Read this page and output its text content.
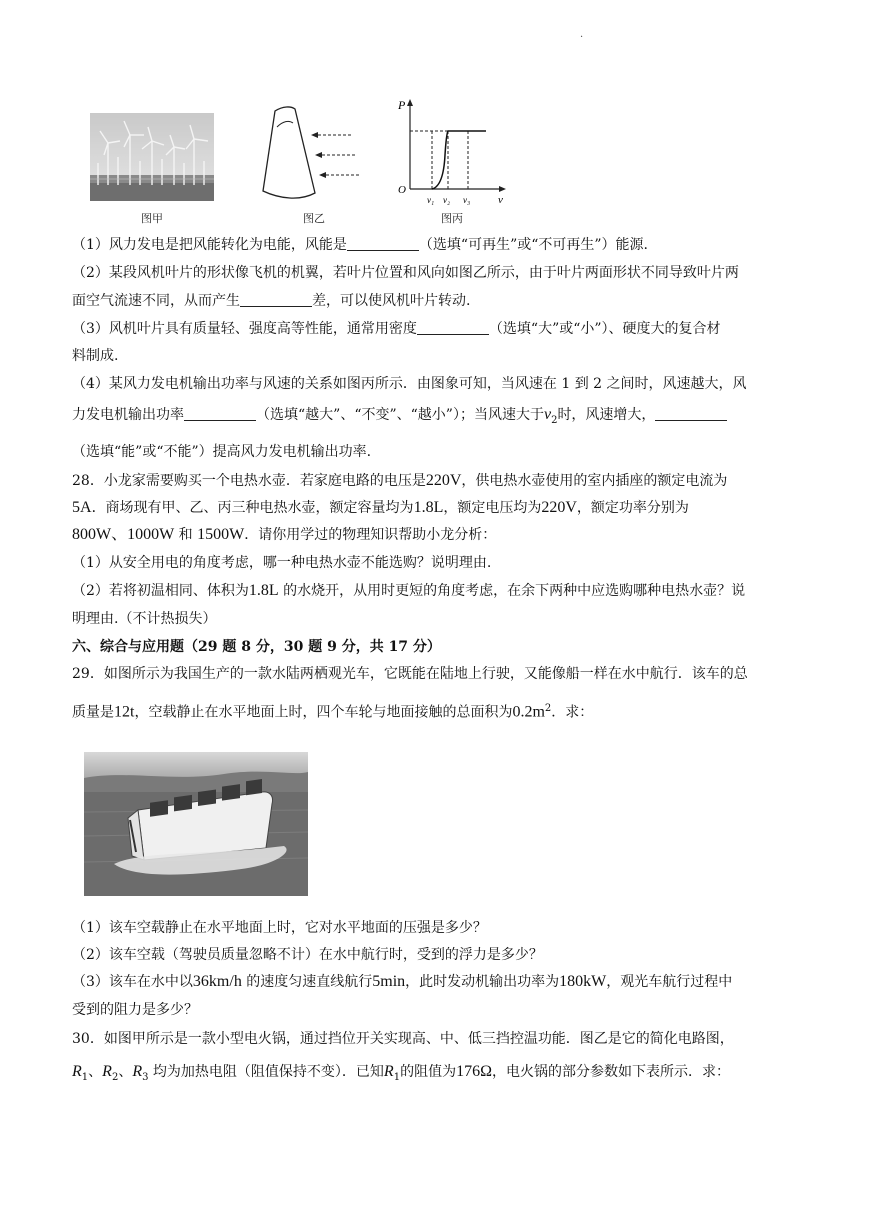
·
图甲	图乙
P
O
v
v₁ v₂ v₃
图丙
（1）风力发电是把风能转化为电能，风能是	（选填“可再生”或“不可再生”）能源.
（2）某段风机叶片的形状像飞机的机翼，若叶片位置和风向如图乙所示，由于叶片两面形状不同导致叶片两
面空气流速不同，从而产生	差，可以使风机叶片转动.
（3）风机叶片具有质量轻、强度高等性能，通常用密度	（选填“大”或“小”）、硬度大的复合材
料制成.
（4）某风力发电机输出功率与风速的关系如图丙所示．由图象可知，当风速在 1 到 2 之间时，风速越大，风
力发电机输出功率	（选填“越大”、“不变”、“越小”）；当风速大于$v_2$时，风速增大，
（选填“能”或“不能”）提高风力发电机输出功率.
28．小龙家需要购买一个电热水壶．若家庭电路的电压是220V，供电热水壶使用的室内插座的额定电流为
5A．商场现有甲、乙、丙三种电热水壶，额定容量均为1.8L，额定电压均为220V，额定功率分别为
800W、1000W 和 1500W．请你用学过的物理知识帮助小龙分析：
（1）从安全用电的角度考虑，哪一种电热水壶不能选购？说明理由.
（2）若将初温相同、体积为1.8L 的水烧开，从用时更短的角度考虑，在余下两种中应选购哪种电热水壶？说
明理由.（不计热损失）
六、综合与应用题（29 题 8 分，30 题 9 分，共 17 分）
29．如图所示为我国生产的一款水陆两栖观光车，它既能在陆地上行驶，又能像船一样在水中航行．该车的总
质量是12t，空载静止在水平地面上时，四个车轮与地面接触的总面积为$0.2m^2$．求：
（1）该车空载静止在水平地面上时，它对水平地面的压强是多少？
（2）该车空载（驾驶员质量忽略不计）在水中航行时，受到的浮力是多少？
（3）该车在水中以36km/h 的速度匀速直线航行5min，此时发动机输出功率为180kW，观光车航行过程中
受到的阻力是多少？
30．如图甲所示是一款小型电火锅，通过挡位开关实现高、中、低三挡控温功能．图乙是它的简化电路图，
$R_1$、$R_2$、$R_3$ 均为加热电阻（阻值保持不变）．已知$R_1$的阻值为176Ω，电火锅的部分参数如下表所示．求：
